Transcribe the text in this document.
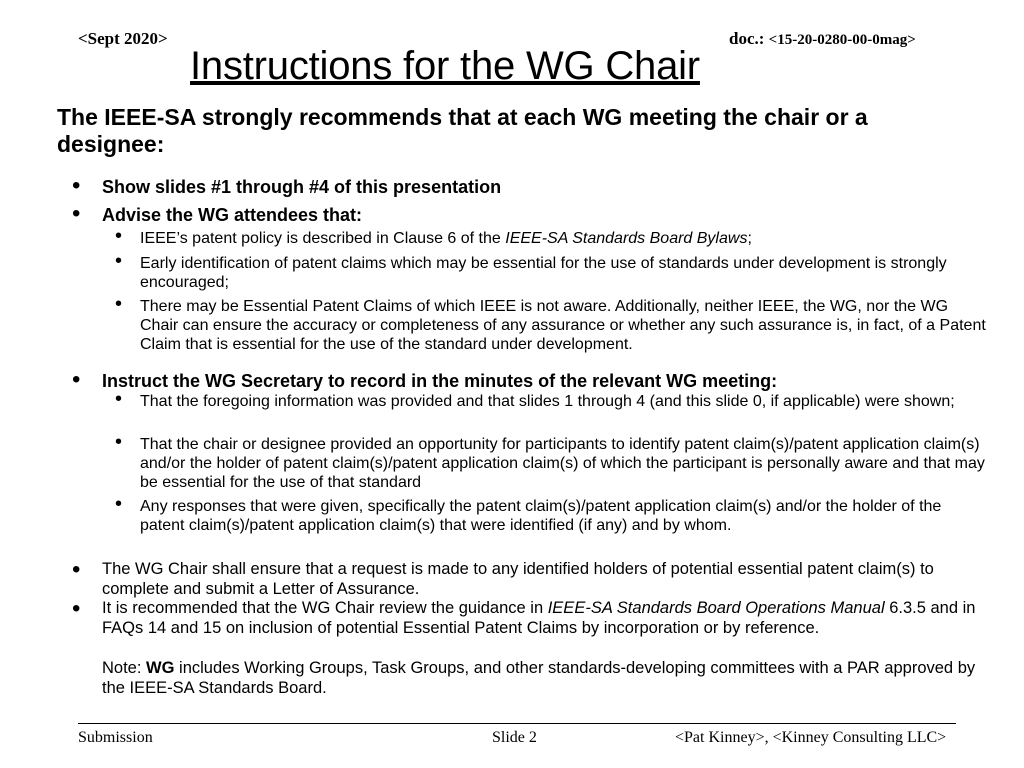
<Sept 2020>	doc.: <15-20-0280-00-0mag>
Instructions for the WG Chair
The IEEE-SA strongly recommends that at each WG meeting the chair or a designee:
• Show slides #1 through #4 of this presentation
• Advise the WG attendees that:
• IEEE’s patent policy is described in Clause 6 of the IEEE-SA Standards Board Bylaws;
• Early identification of patent claims which may be essential for the use of standards under development is strongly encouraged;
• There may be Essential Patent Claims of which IEEE is not aware. Additionally, neither IEEE, the WG, nor the WG Chair can ensure the accuracy or completeness of any assurance or whether any such assurance is, in fact, of a Patent Claim that is essential for the use of the standard under development.
• Instruct the WG Secretary to record in the minutes of the relevant WG meeting:
• That the foregoing information was provided and that slides 1 through 4 (and this slide 0, if applicable) were shown;
• That the chair or designee provided an opportunity for participants to identify patent claim(s)/patent application claim(s) and/or the holder of patent claim(s)/patent application claim(s) of which the participant is personally aware and that may be essential for the use of that standard
• Any responses that were given, specifically the patent claim(s)/patent application claim(s) and/or the holder of the patent claim(s)/patent application claim(s) that were identified (if any) and by whom.
• The WG Chair shall ensure that a request is made to any identified holders of potential essential patent claim(s) to complete and submit a Letter of Assurance.
• It is recommended that the WG Chair review the guidance in IEEE-SA Standards Board Operations Manual 6.3.5 and in FAQs 14 and 15 on inclusion of potential Essential Patent Claims by incorporation or by reference.
Note: WG includes Working Groups, Task Groups, and other standards-developing committees with a PAR approved by the IEEE-SA Standards Board.
Submission	Slide 2	<Pat Kinney>, <Kinney Consulting LLC>
